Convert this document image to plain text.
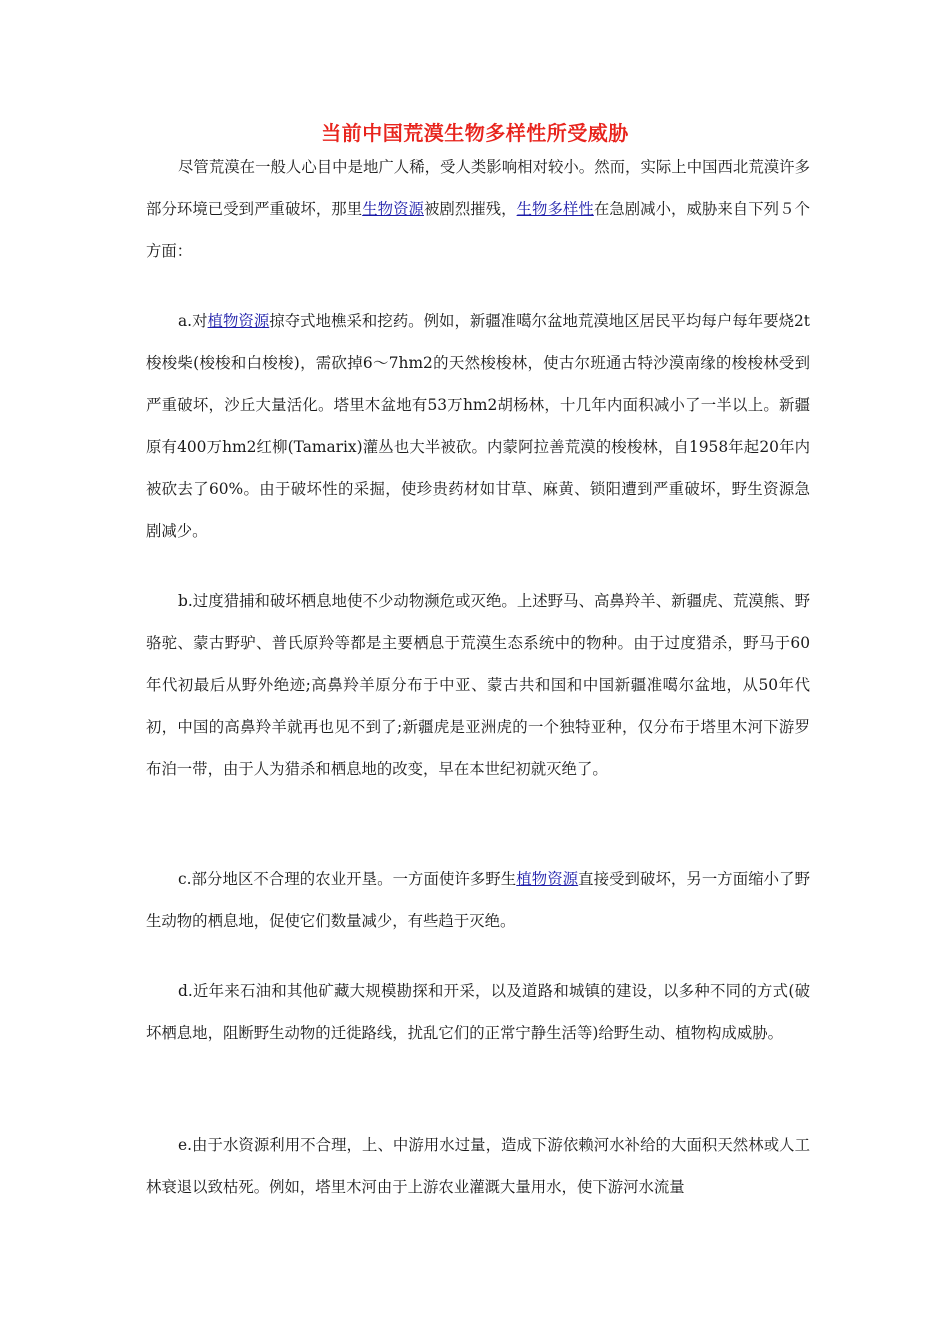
当前中国荒漠生物多样性所受威胁

尽管荒漠在一般人心目中是地广人稀，受人类影响相对较小。然而，实际上中国西北荒漠许多部分环境已受到严重破坏，那里生物资源被剧烈摧残，生物多样性在急剧减小，威胁来自下列５个方面：

a.对植物资源掠夺式地樵采和挖药。例如，新疆准噶尔盆地荒漠地区居民平均每户每年要烧2t梭梭柴(梭梭和白梭梭)，需砍掉6～7hm2的天然梭梭林，使古尔班通古特沙漠南缘的梭梭林受到严重破坏，沙丘大量活化。塔里木盆地有53万hm2胡杨林，十几年内面积减小了一半以上。新疆原有400万hm2红柳(Tamarix)灌丛也大半被砍。内蒙阿拉善荒漠的梭梭林，自1958年起20年内被砍去了60%。由于破坏性的采掘，使珍贵药材如甘草、麻黄、锁阳遭到严重破坏，野生资源急剧减少。

b.过度猎捕和破坏栖息地使不少动物濒危或灭绝。上述野马、高鼻羚羊、新疆虎、荒漠熊、野骆驼、蒙古野驴、普氏原羚等都是主要栖息于荒漠生态系统中的物种。由于过度猎杀，野马于60年代初最后从野外绝迹;高鼻羚羊原分布于中亚、蒙古共和国和中国新疆准噶尔盆地，从50年代初，中国的高鼻羚羊就再也见不到了;新疆虎是亚洲虎的一个独特亚种，仅分布于塔里木河下游罗布泊一带，由于人为猎杀和栖息地的改变，早在本世纪初就灭绝了。

c.部分地区不合理的农业开垦。一方面使许多野生植物资源直接受到破坏，另一方面缩小了野生动物的栖息地，促使它们数量减少，有些趋于灭绝。

d.近年来石油和其他矿藏大规模勘探和开采，以及道路和城镇的建设，以多种不同的方式(破坏栖息地，阻断野生动物的迁徙路线，扰乱它们的正常宁静生活等)给野生动、植物构成威胁。

e.由于水资源利用不合理，上、中游用水过量，造成下游依赖河水补给的大面积天然林或人工林衰退以致枯死。例如，塔里木河由于上游农业灌溉大量用水，使下游河水流量
